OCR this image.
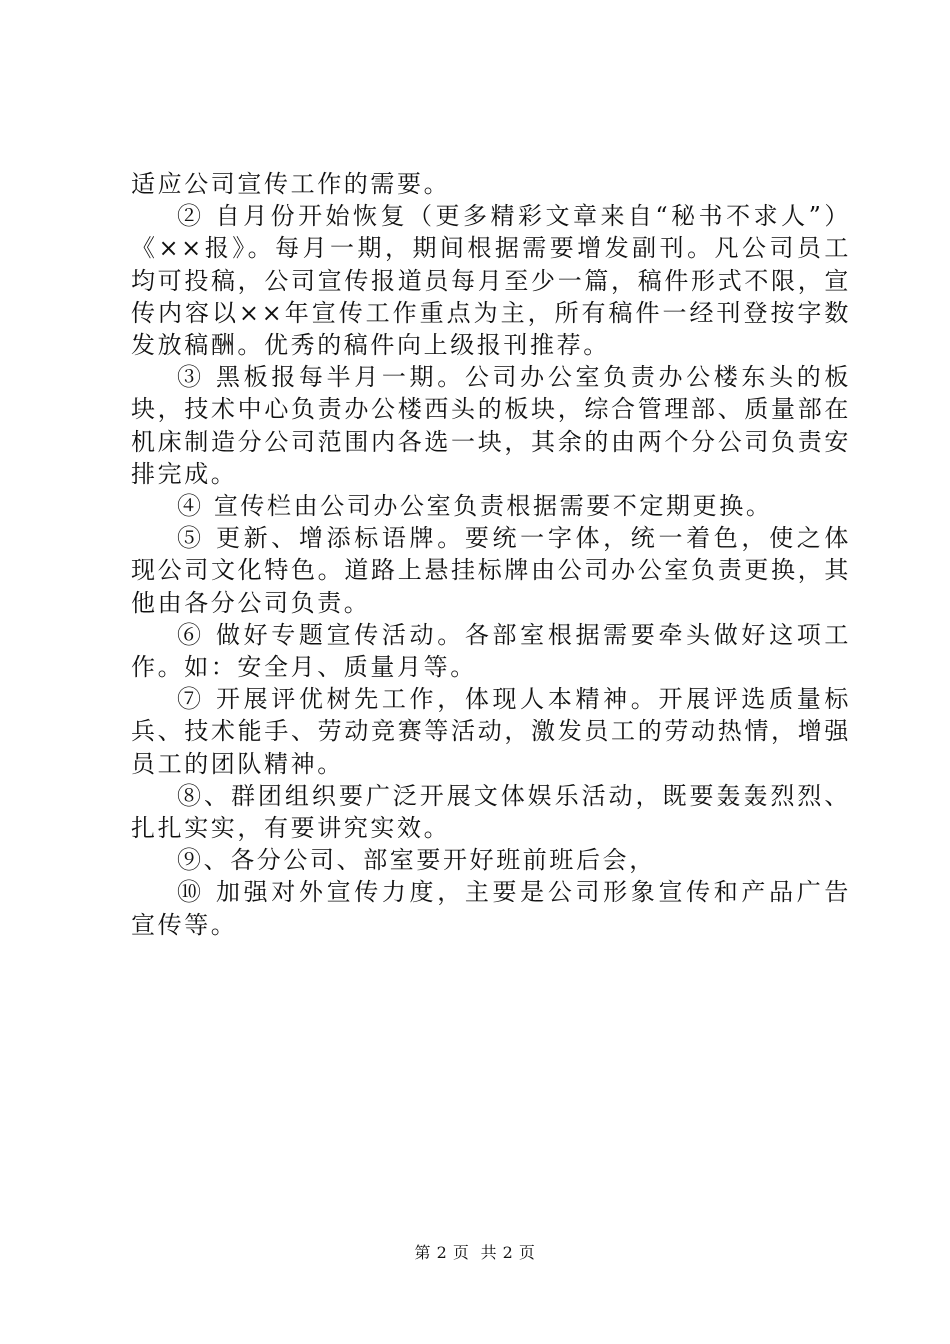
适应公司宣传工作的需要。

② 自月份开始恢复（更多精彩文章来自“秘书不求人”）《××报》。每月一期，期间根据需要增发副刊。凡公司员工均可投稿，公司宣传报道员每月至少一篇，稿件形式不限，宣传内容以××年宣传工作重点为主，所有稿件一经刊登按字数发放稿酬。优秀的稿件向上级报刊推荐。

③ 黑板报每半月一期。公司办公室负责办公楼东头的板块，技术中心负责办公楼西头的板块，综合管理部、质量部在机床制造分公司范围内各选一块，其余的由两个分公司负责安排完成。

④ 宣传栏由公司办公室负责根据需要不定期更换。

⑤ 更新、增添标语牌。要统一字体，统一着色，使之体现公司文化特色。道路上悬挂标牌由公司办公室负责更换，其他由各分公司负责。

⑥ 做好专题宣传活动。各部室根据需要牵头做好这项工作。如：安全月、质量月等。

⑦ 开展评优树先工作，体现人本精神。开展评选质量标兵、技术能手、劳动竞赛等活动，激发员工的劳动热情，增强员工的团队精神。

⑧、群团组织要广泛开展文体娱乐活动，既要轰轰烈烈、扎扎实实，有要讲究实效。

⑨、各分公司、部室要开好班前班后会，

⑩ 加强对外宣传力度，主要是公司形象宣传和产品广告宣传等。

第 2 页  共 2 页
